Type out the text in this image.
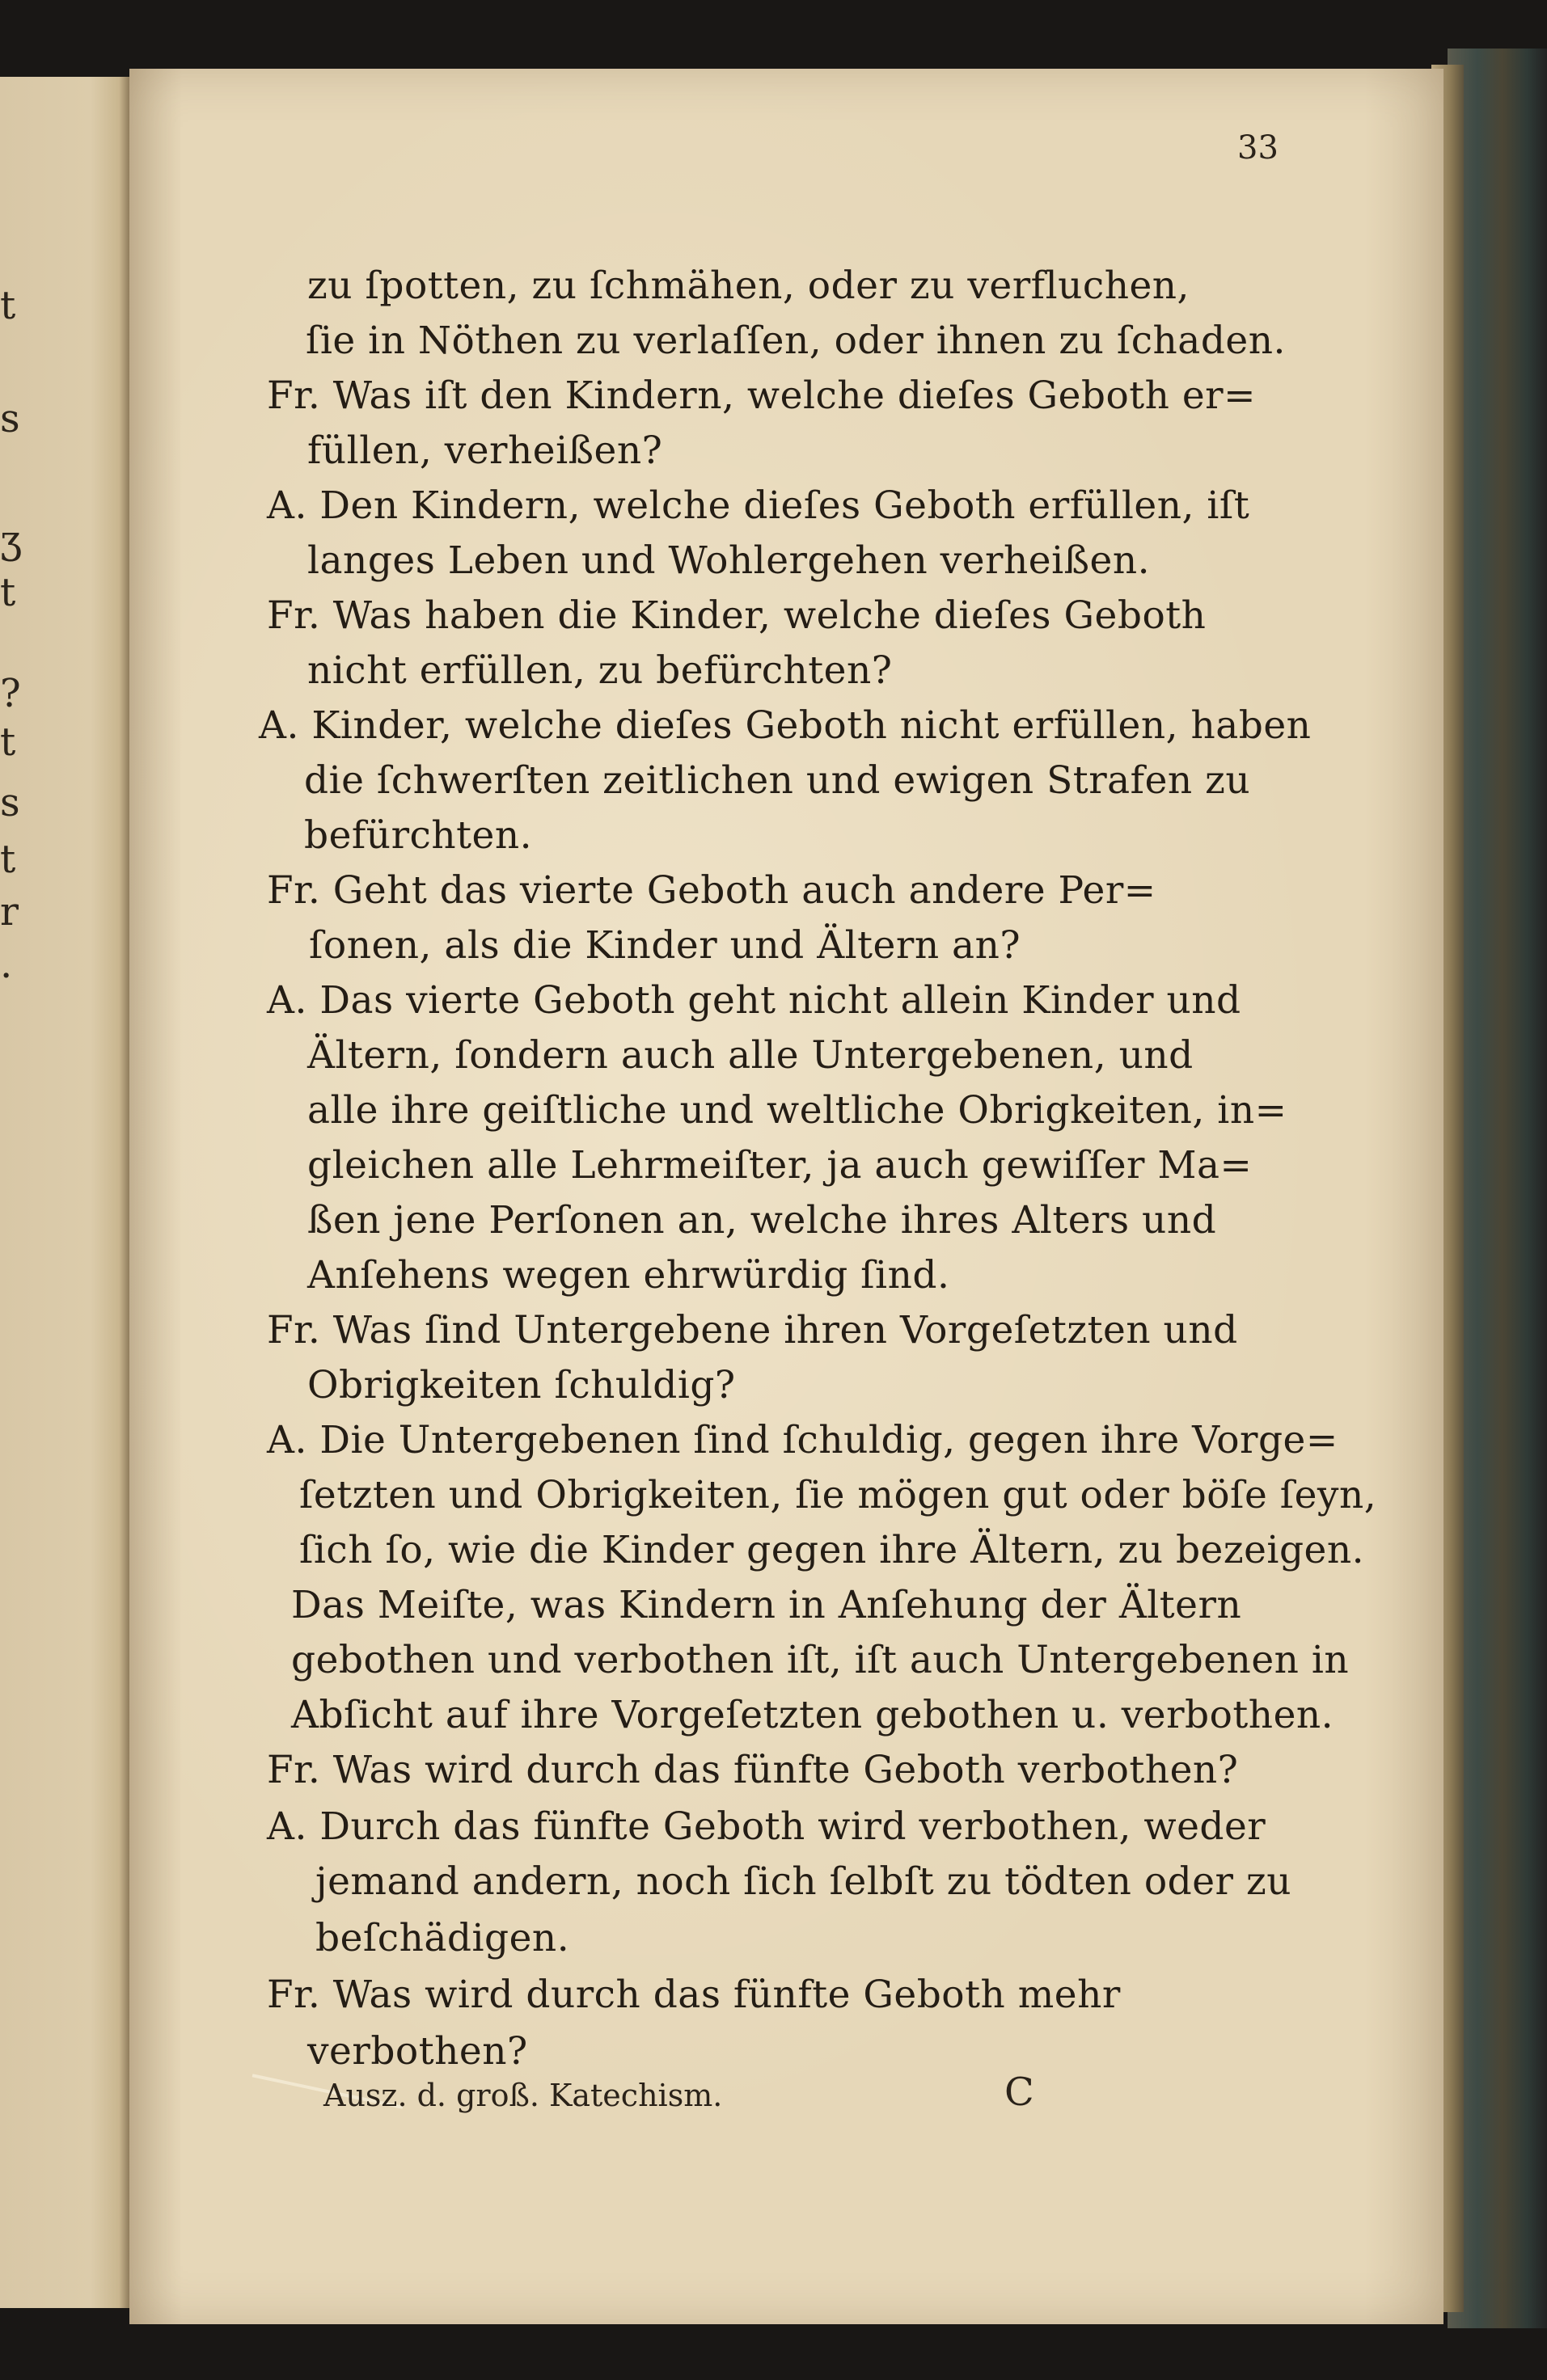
t
s
ʒ
t
?
t
s
t
r
.
33
zu ſpotten, zu ſchmähen, oder zu verfluchen,
ſie in Nöthen zu verlaſſen, oder ihnen zu ſchaden.
Fr. Was iſt den Kindern, welche dieſes Geboth er=
füllen, verheißen?
A. Den Kindern, welche dieſes Geboth erfüllen, iſt
langes Leben und Wohlergehen verheißen.
Fr. Was haben die Kinder, welche dieſes Geboth
nicht erfüllen, zu befürchten?
A. Kinder, welche dieſes Geboth nicht erfüllen, haben
die ſchwerſten zeitlichen und ewigen Strafen zu
befürchten.
Fr. Geht das vierte Geboth auch andere Per=
ſonen, als die Kinder und Ältern an?
A. Das vierte Geboth geht nicht allein Kinder und
Ältern, ſondern auch alle Untergebenen, und
alle ihre geiſtliche und weltliche Obrigkeiten, in=
gleichen alle Lehrmeiſter, ja auch gewiſſer Ma=
ßen jene Perſonen an, welche ihres Alters und
Anſehens wegen ehrwürdig ſind.
Fr. Was ſind Untergebene ihren Vorgeſetzten und
Obrigkeiten ſchuldig?
A. Die Untergebenen ſind ſchuldig, gegen ihre Vorge=
ſetzten und Obrigkeiten, ſie mögen gut oder böſe ſeyn,
ſich ſo, wie die Kinder gegen ihre Ältern, zu bezeigen.
Das Meiſte, was Kindern in Anſehung der Ältern
gebothen und verbothen iſt, iſt auch Untergebenen in
Abſicht auf ihre Vorgeſetzten gebothen u. verbothen.
Fr. Was wird durch das fünfte Geboth verbothen?
A. Durch das fünfte Geboth wird verbothen, weder
jemand andern, noch ſich ſelbſt zu tödten oder zu
beſchädigen.
Fr. Was wird durch das fünfte Geboth mehr
verbothen?
Ausz. d. groß. Katechism.	C
